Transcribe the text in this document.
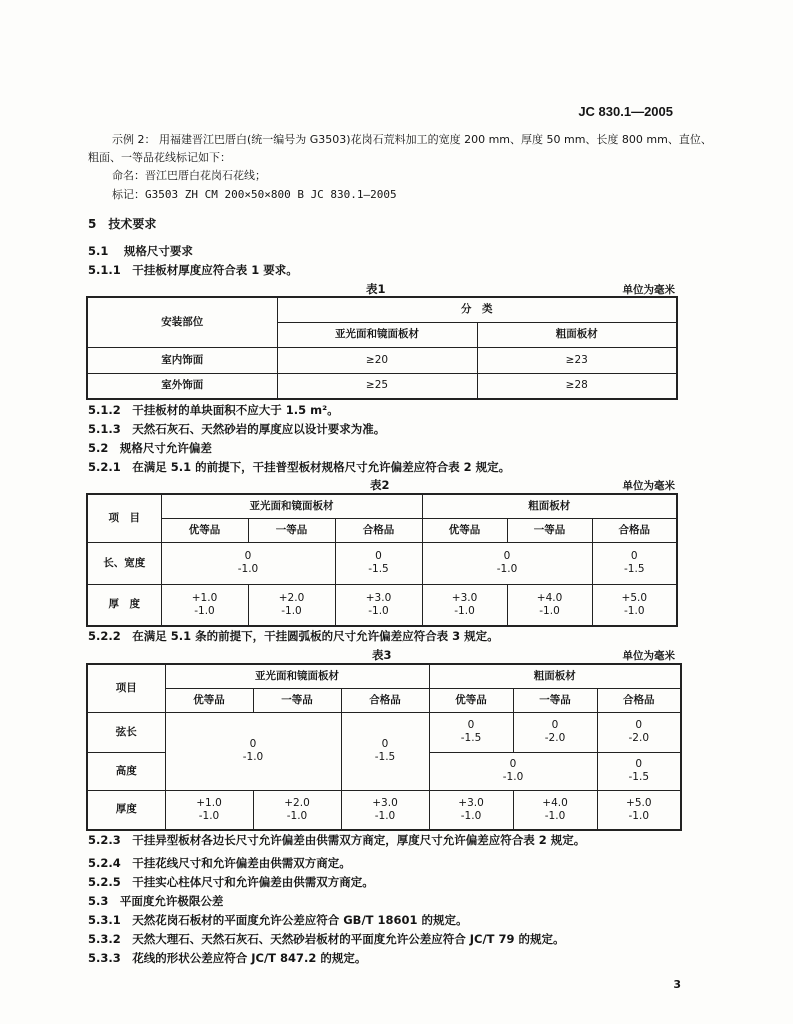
JC 830.1—2005
示例 2： 用福建晋江巴厝白(统一编号为 G3503)花岗石荒料加工的宽度 200 mm、厚度 50 mm、长度 800 mm、直位、
粗面、一等品花线标记如下：
命名：晋江巴厝白花岗石花线；
标记：G3503 ZH CM 200×50×800 B JC 830.1—2005
5　技术要求
5.1　 规格尺寸要求
5.1.1　干挂板材厚度应符合表 1 要求。
表1	单位为毫米
安装部位	分　类	
	亚光面和镜面板材	粗面板材
室内饰面	≥20	≥23
室外饰面	≥25	≥28
5.1.2　干挂板材的单块面积不应大于 1.5 m²。
5.1.3　天然石灰石、天然砂岩的厚度应以设计要求为准。
5.2　规格尺寸允许偏差
5.2.1　在满足 5.1 的前提下，干挂普型板材规格尺寸允许偏差应符合表 2 规定。
表2	单位为毫米
项　目	亚光面和镜面板材			粗面板材		
	优等品	一等品	合格品	优等品	一等品	合格品
长、宽度	0
-1.0		0
-1.5	0
-1.0		0
-1.5

厚　度	+1.0
-1.0	+2.0
-1.0	+3.0
-1.0	+3.0
-1.0	+4.0
-1.0	+5.0
-1.0
5.2.2　在满足 5.1 条的前提下，干挂圆弧板的尺寸允许偏差应符合表 3 规定。
表3	单位为毫米
项目	亚光面和镜面板材			粗面板材		
	优等品	一等品	合格品	优等品	一等品	合格品
弦长	0
-1.0		0
-1.5	0
-1.5	0
-2.0	0
-2.0

高度				0
-1.0		0
-1.5

厚度	+1.0
-1.0	+2.0
-1.0	+3.0
-1.0	+3.0
-1.0	+4.0
-1.0	+5.0
-1.0
5.2.3　干挂异型板材各边长尺寸允许偏差由供需双方商定，厚度尺寸允许偏差应符合表 2 规定。
5.2.4　干挂花线尺寸和允许偏差由供需双方商定。
5.2.5　干挂实心柱体尺寸和允许偏差由供需双方商定。
5.3　平面度允许极限公差
5.3.1　天然花岗石板材的平面度允许公差应符合 GB/T 18601 的规定。
5.3.2　天然大理石、天然石灰石、天然砂岩板材的平面度允许公差应符合 JC/T 79 的规定。
5.3.3　花线的形状公差应符合 JC/T 847.2 的规定。
3
